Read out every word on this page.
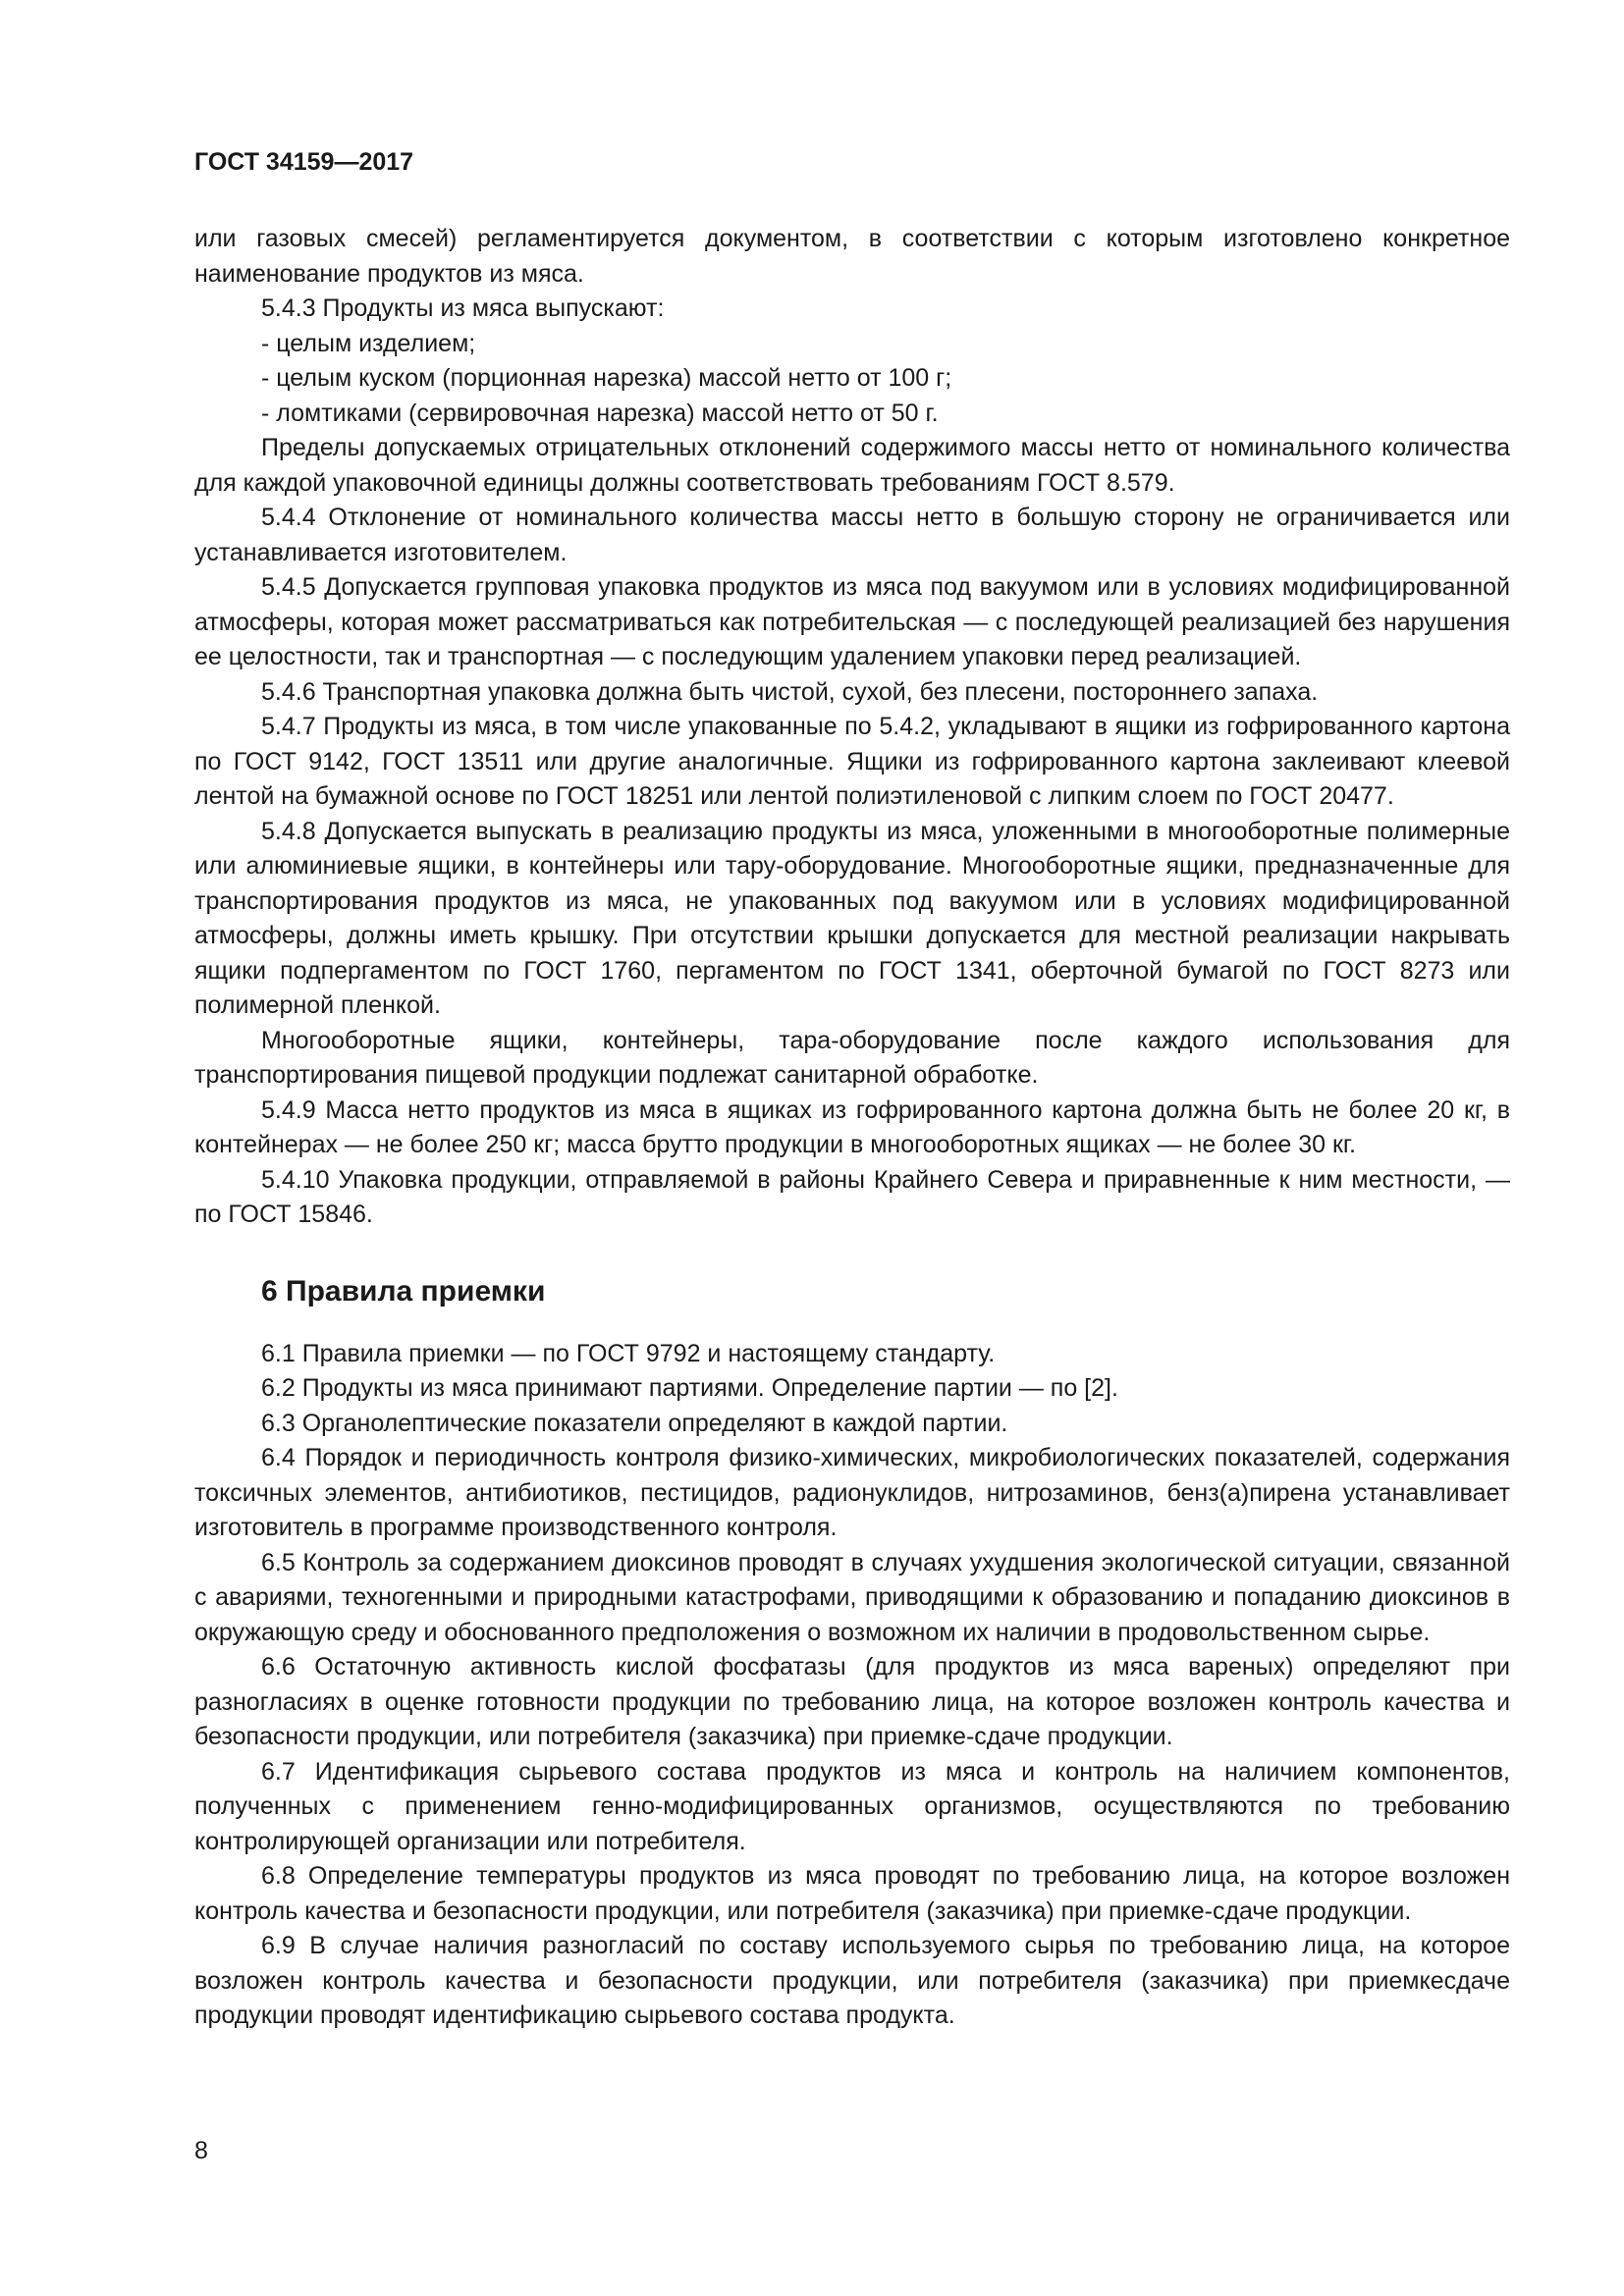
ГОСТ 34159—2017

или газовых смесей) регламентируется документом, в соответствии с которым изготовлено конкретное наименование продуктов из мяса.

5.4.3 Продукты из мяса выпускают:

- целым изделием;

- целым куском (порционная нарезка) массой нетто от 100 г;

- ломтиками (сервировочная нарезка) массой нетто от 50 г.

Пределы допускаемых отрицательных отклонений содержимого массы нетто от номинального количества для каждой упаковочной единицы должны соответствовать требованиям ГОСТ 8.579.

5.4.4 Отклонение от номинального количества массы нетто в большую сторону не ограничивается или устанавливается изготовителем.

5.4.5 Допускается групповая упаковка продуктов из мяса под вакуумом или в условиях модифицированной атмосферы, которая может рассматриваться как потребительская — с последующей реализацией без нарушения ее целостности, так и транспортная — с последующим удалением упаковки перед реализацией.

5.4.6 Транспортная упаковка должна быть чистой, сухой, без плесени, постороннего запаха.

5.4.7 Продукты из мяса, в том числе упакованные по 5.4.2, укладывают в ящики из гофрированного картона по ГОСТ 9142, ГОСТ 13511 или другие аналогичные. Ящики из гофрированного картона заклеивают клеевой лентой на бумажной основе по ГОСТ 18251 или лентой полиэтиленовой с липким слоем по ГОСТ 20477.

5.4.8 Допускается выпускать в реализацию продукты из мяса, уложенными в многооборотные полимерные или алюминиевые ящики, в контейнеры или тару-оборудование. Многооборотные ящики, предназначенные для транспортирования продуктов из мяса, не упакованных под вакуумом или в условиях модифицированной атмосферы, должны иметь крышку. При отсутствии крышки допускается для местной реализации накрывать ящики подпергаментом по ГОСТ 1760, пергаментом по ГОСТ 1341, оберточной бумагой по ГОСТ 8273 или полимерной пленкой.

Многооборотные ящики, контейнеры, тара-оборудование после каждого использования для транспортирования пищевой продукции подлежат санитарной обработке.

5.4.9 Масса нетто продуктов из мяса в ящиках из гофрированного картона должна быть не более 20 кг, в контейнерах — не более 250 кг; масса брутто продукции в многооборотных ящиках — не более 30 кг.

5.4.10 Упаковка продукции, отправляемой в районы Крайнего Севера и приравненные к ним местности, — по ГОСТ 15846.

6 Правила приемки

6.1 Правила приемки — по ГОСТ 9792 и настоящему стандарту.

6.2 Продукты из мяса принимают партиями. Определение партии — по [2].

6.3 Органолептические показатели определяют в каждой партии.

6.4 Порядок и периодичность контроля физико-химических, микробиологических показателей, содержания токсичных элементов, антибиотиков, пестицидов, радионуклидов, нитрозаминов, бенз(а)пирена устанавливает изготовитель в программе производственного контроля.

6.5 Контроль за содержанием диоксинов проводят в случаях ухудшения экологической ситуации, связанной с авариями, техногенными и природными катастрофами, приводящими к образованию и попаданию диоксинов в окружающую среду и обоснованного предположения о возможном их наличии в продовольственном сырье.

6.6 Остаточную активность кислой фосфатазы (для продуктов из мяса вареных) определяют при разногласиях в оценке готовности продукции по требованию лица, на которое возложен контроль качества и безопасности продукции, или потребителя (заказчика) при приемке-сдаче продукции.

6.7 Идентификация сырьевого состава продуктов из мяса и контроль на наличием компонентов, полученных с применением генно-модифицированных организмов, осуществляются по требованию контролирующей организации или потребителя.

6.8 Определение температуры продуктов из мяса проводят по требованию лица, на которое возложен контроль качества и безопасности продукции, или потребителя (заказчика) при приемке-сдаче продукции.

6.9 В случае наличия разногласий по составу используемого сырья по требованию лица, на которое возложен контроль качества и безопасности продукции, или потребителя (заказчика) при приемкесдаче продукции проводят идентификацию сырьевого состава продукта.

8
